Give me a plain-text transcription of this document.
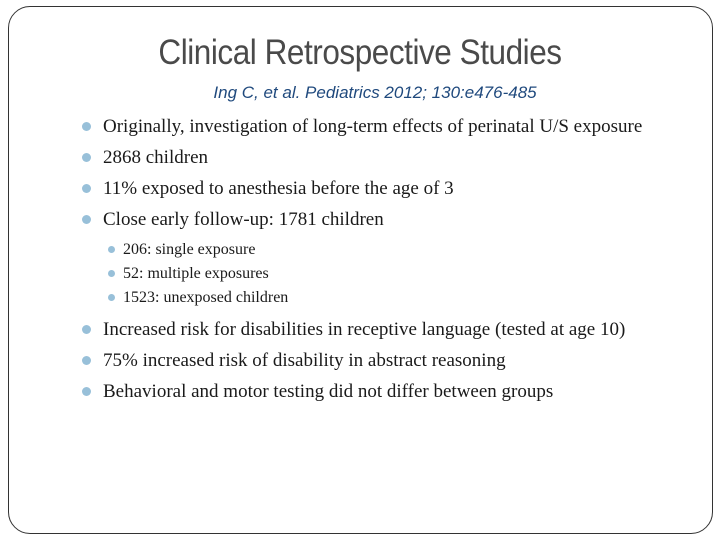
Clinical Retrospective Studies
Ing C, et al. Pediatrics 2012; 130:e476-485
Originally, investigation of long-term effects of perinatal U/S exposure
2868 children
11% exposed to anesthesia before the age of 3
Close early follow-up: 1781 children
206: single exposure
52: multiple exposures
1523: unexposed children
Increased risk for disabilities in receptive language (tested at age 10)
75% increased risk of disability in abstract reasoning
Behavioral and motor testing did not differ between groups
